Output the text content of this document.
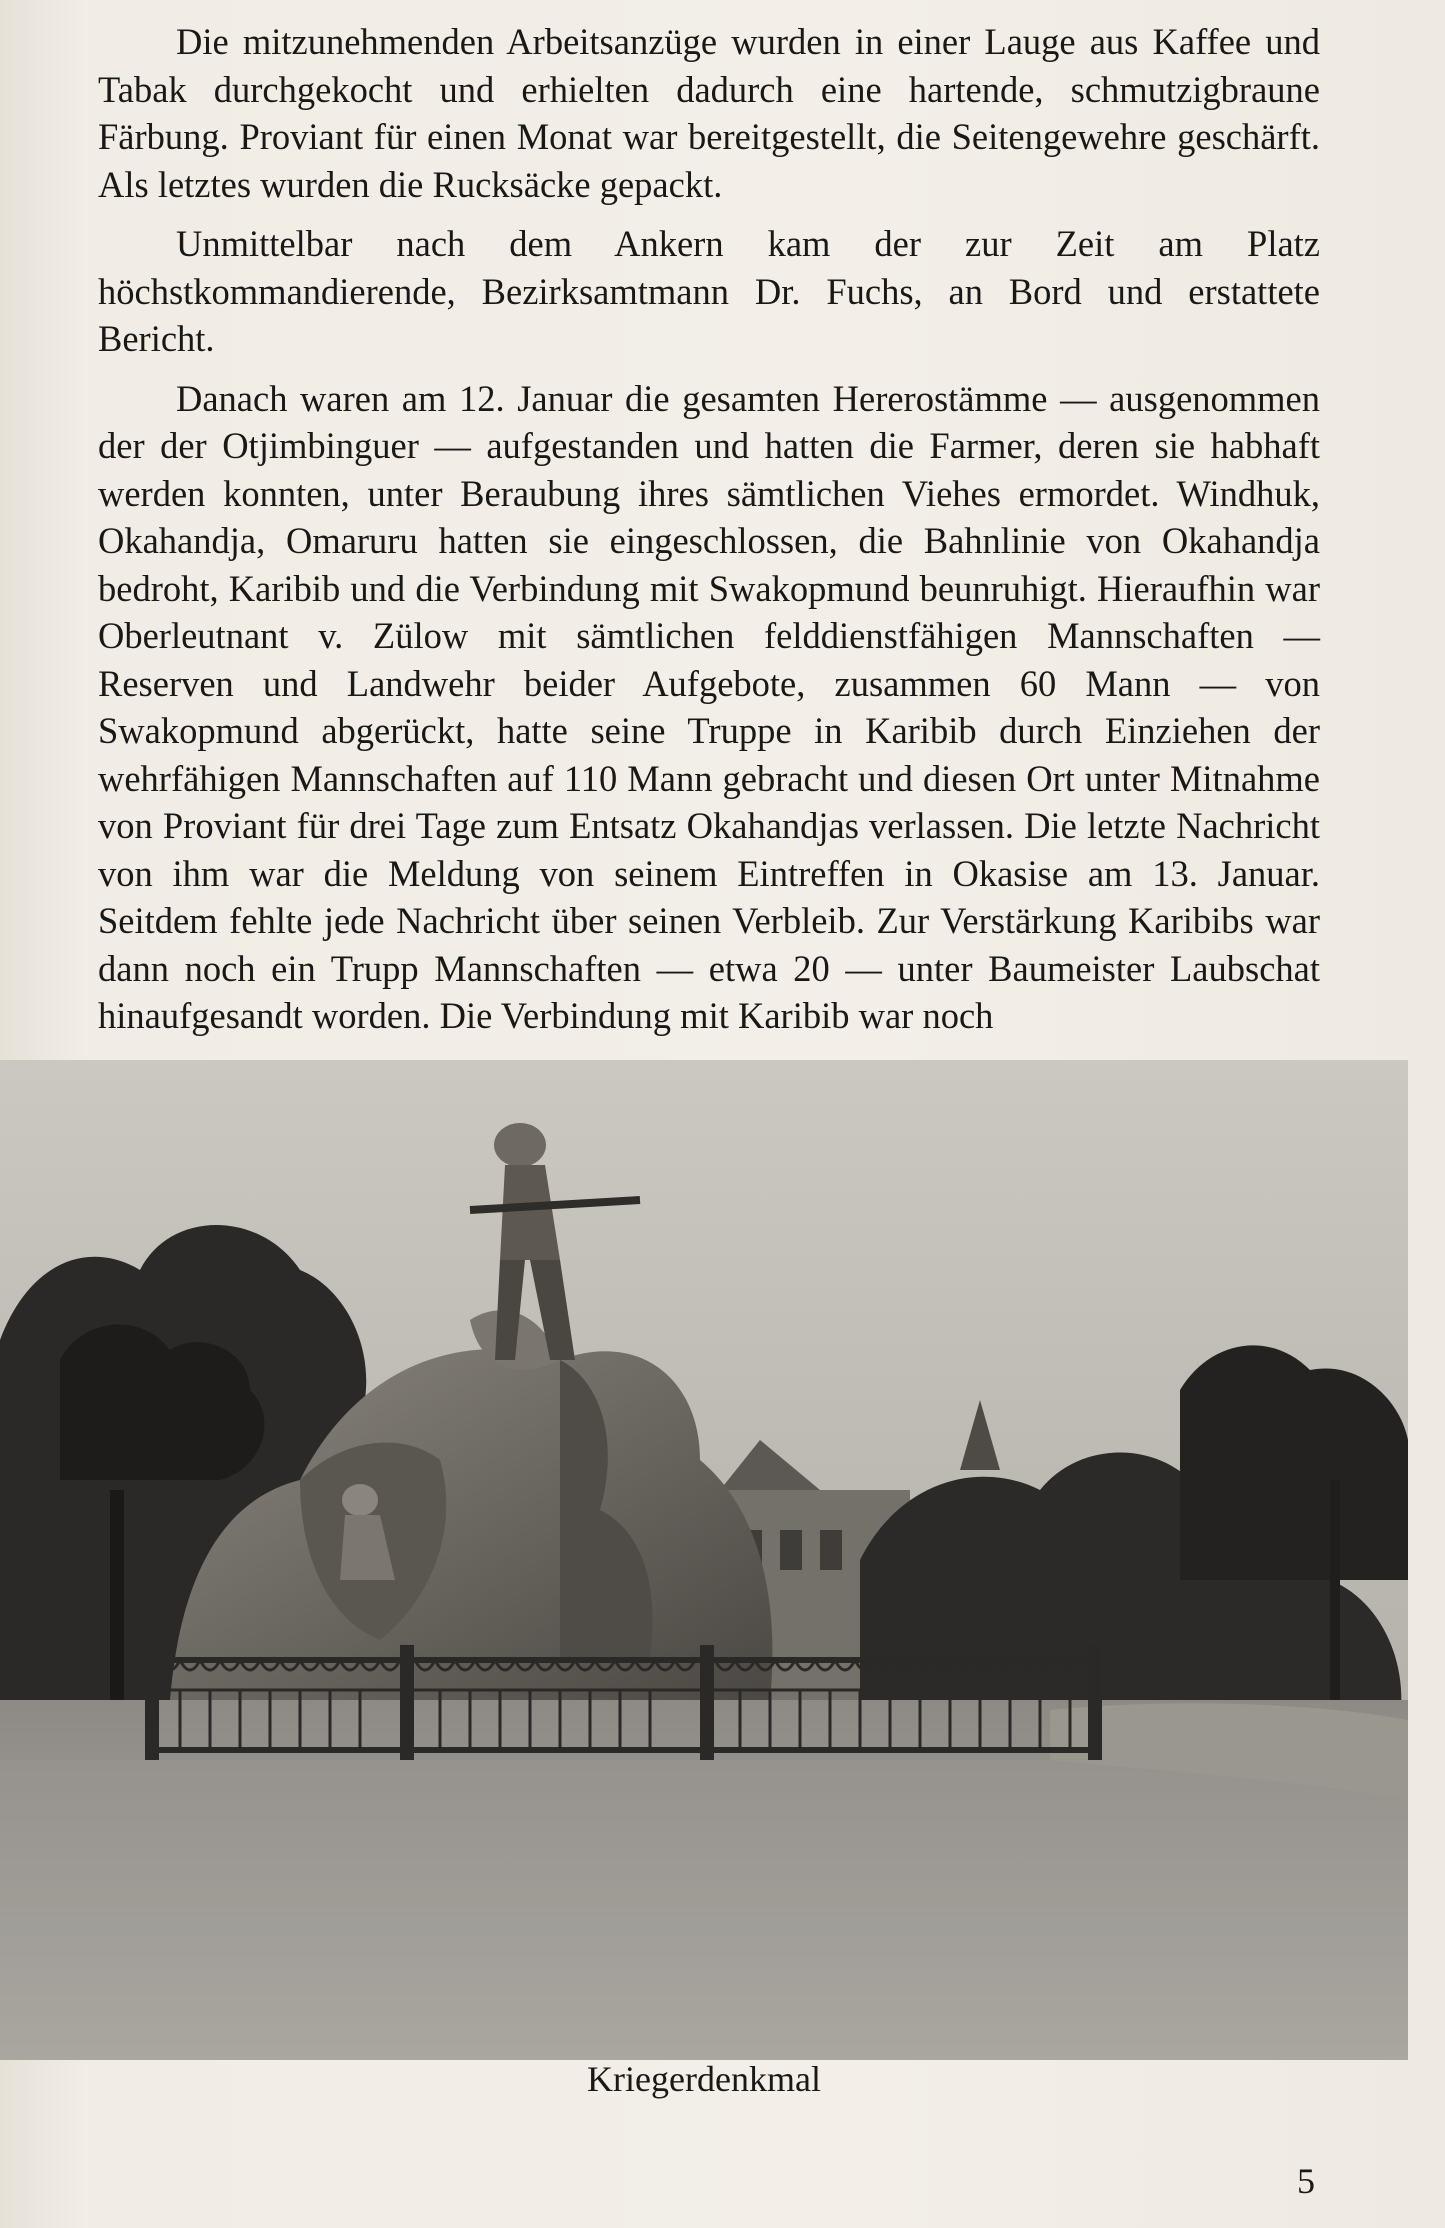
Die mitzunehmenden Arbeitsanzüge wurden in einer Lauge aus Kaffee und Tabak durchgekocht und erhielten dadurch eine hartende, schmutzigbraune Färbung. Proviant für einen Monat war bereitgestellt, die Seitengewehre geschärft. Als letztes wurden die Rucksäcke gepackt.

Unmittelbar nach dem Ankern kam der zur Zeit am Platz höchstkommandierende, Bezirksamtmann Dr. Fuchs, an Bord und erstattete Bericht.

Danach waren am 12. Januar die gesamten Hererostämme — ausgenommen der der Otjimbinguer — aufgestanden und hatten die Farmer, deren sie habhaft werden konnten, unter Beraubung ihres sämtlichen Viehes ermordet. Windhuk, Okahandja, Omaruru hatten sie eingeschlossen, die Bahnlinie von Okahandja bedroht, Karibib und die Verbindung mit Swakopmund beunruhigt. Hieraufhin war Oberleutnant v. Zülow mit sämtlichen felddienstfähigen Mannschaften — Reserven und Landwehr beider Aufgebote, zusammen 60 Mann — von Swakopmund abgerückt, hatte seine Truppe in Karibib durch Einziehen der wehrfähigen Mannschaften auf 110 Mann gebracht und diesen Ort unter Mitnahme von Proviant für drei Tage zum Entsatz Okahandjas verlassen. Die letzte Nachricht von ihm war die Meldung von seinem Eintreffen in Okasise am 13. Januar. Seitdem fehlte jede Nachricht über seinen Verbleib. Zur Verstärkung Karibibs war dann noch ein Trupp Mannschaften — etwa 20 — unter Baumeister Laubschat hinaufgesandt worden. Die Verbindung mit Karibib war noch

Kriegerdenkmal
5
